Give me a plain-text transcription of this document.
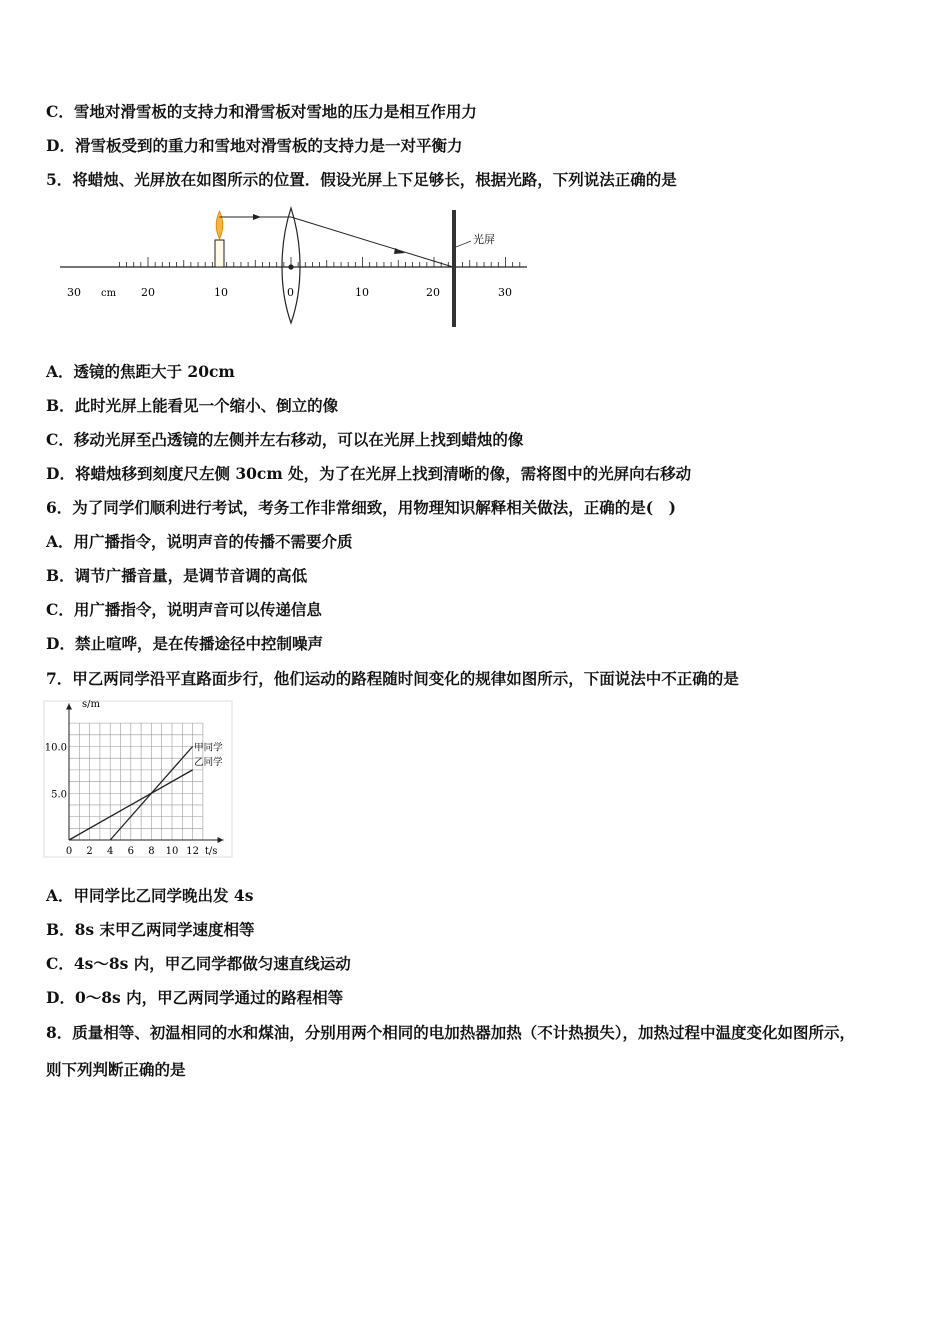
C．雪地对滑雪板的支持力和滑雪板对雪地的压力是相互作用力
D．滑雪板受到的重力和雪地对滑雪板的支持力是一对平衡力
5．将蜡烛、光屏放在如图所示的位置．假设光屏上下足够长，根据光路，下列说法正确的是
光屏
30 cm 20	10	0	10	20	30
A．透镜的焦距大于 20cm
B．此时光屏上能看见一个缩小、倒立的像
C．移动光屏至凸透镜的左侧并左右移动，可以在光屏上找到蜡烛的像
D．将蜡烛移到刻度尺左侧 30cm 处，为了在光屏上找到清晰的像，需将图中的光屏向右移动
6．为了同学们顺利进行考试，考务工作非常细致，用物理知识解释相关做法，正确的是(　)
A．用广播指令，说明声音的传播不需要介质
B．调节广播音量，是调节音调的高低
C．用广播指令，说明声音可以传递信息
D．禁止喧哗，是在传播途径中控制噪声
7．甲乙两同学沿平直路面步行，他们运动的路程随时间变化的规律如图所示，下面说法中不正确的是
甲同学
乙同学
0 2 4 6 8 10 12 t/s
5.0
10.0
s/m
A．甲同学比乙同学晚出发 4s
B．8s 末甲乙两同学速度相等
C．4s～8s 内，甲乙同学都做匀速直线运动
D．0～8s 内，甲乙两同学通过的路程相等
8．质量相等、初温相同的水和煤油，分别用两个相同的电加热器加热（不计热损失），加热过程中温度变化如图所示，
则下列判断正确的是
